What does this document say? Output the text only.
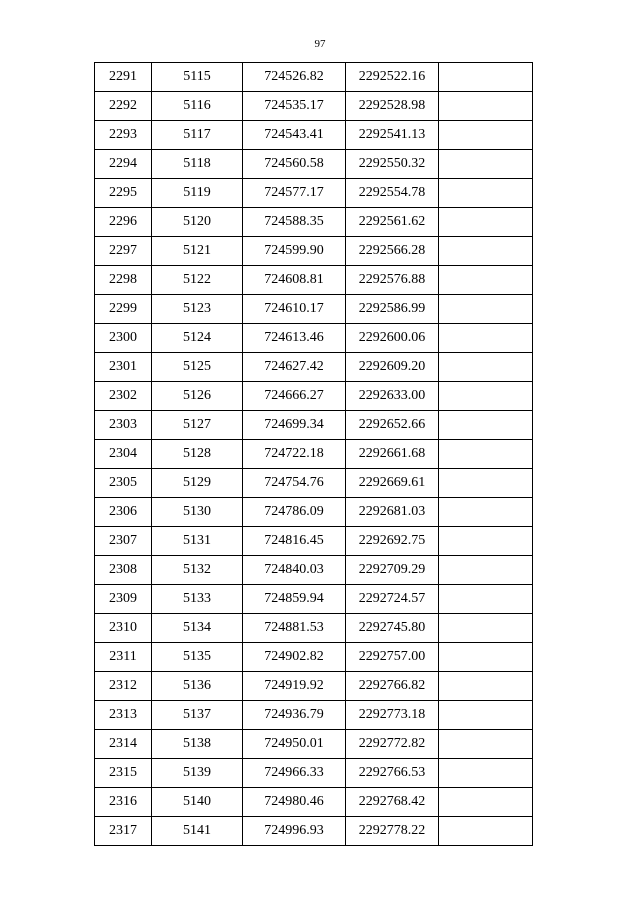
97
2291	5115	724526.82	2292522.16	
2292	5116	724535.17	2292528.98	
2293	5117	724543.41	2292541.13	
2294	5118	724560.58	2292550.32	
2295	5119	724577.17	2292554.78	
2296	5120	724588.35	2292561.62	
2297	5121	724599.90	2292566.28	
2298	5122	724608.81	2292576.88	
2299	5123	724610.17	2292586.99	
2300	5124	724613.46	2292600.06	
2301	5125	724627.42	2292609.20	
2302	5126	724666.27	2292633.00	
2303	5127	724699.34	2292652.66	
2304	5128	724722.18	2292661.68	
2305	5129	724754.76	2292669.61	
2306	5130	724786.09	2292681.03	
2307	5131	724816.45	2292692.75	
2308	5132	724840.03	2292709.29	
2309	5133	724859.94	2292724.57	
2310	5134	724881.53	2292745.80	
2311	5135	724902.82	2292757.00	
2312	5136	724919.92	2292766.82	
2313	5137	724936.79	2292773.18	
2314	5138	724950.01	2292772.82	
2315	5139	724966.33	2292766.53	
2316	5140	724980.46	2292768.42	
2317	5141	724996.93	2292778.22	
